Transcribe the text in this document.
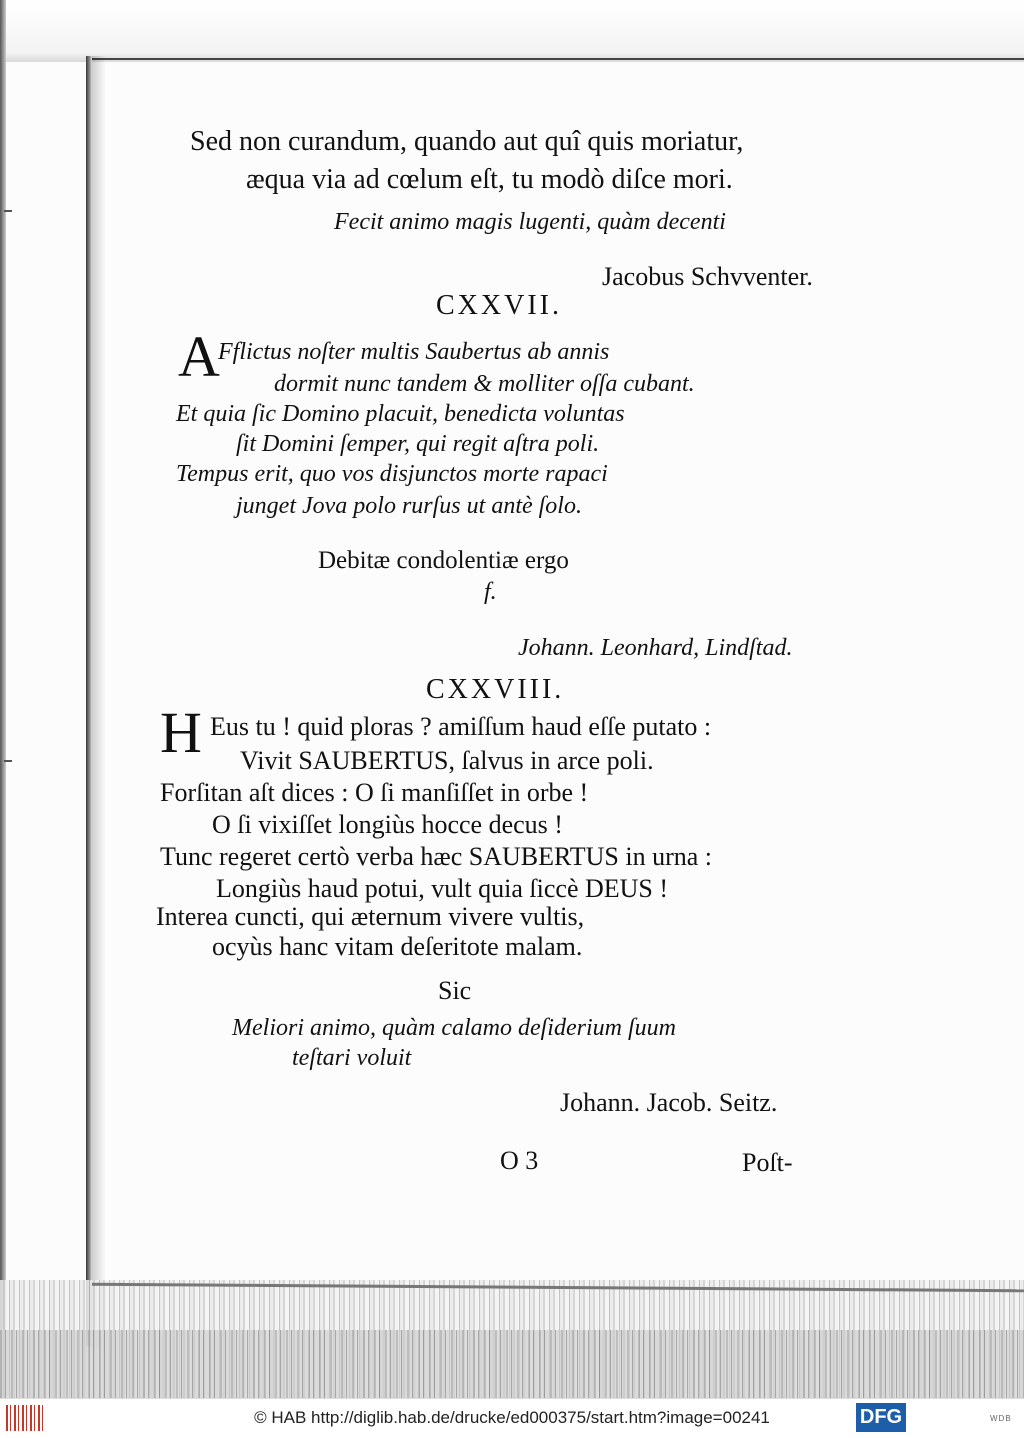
Sed non curandum, quando aut quî quis moriatur,
æqua via ad cœlum eſt, tu modò diſce mori.
Fecit animo magis lugenti, quàm decenti
Jacobus Schvventer.
CXXVII.
A
Fflictus noſter multis Saubertus ab annis
dormit nunc tandem & molliter oſſa cubant.
Et quia ſic Domino placuit, benedicta voluntas
ſit Domini ſemper, qui regit aſtra poli.
Tempus erit, quo vos disjunctos morte rapaci
junget Jova polo rurſus ut antè ſolo.
Debitæ condolentiæ ergo
f.
Johann. Leonhard, Lindſtad.
CXXVIII.
H Eus tu ! quid ploras ? amiſſum haud eſſe putato :
Vivit SAUBERTUS, ſalvus in arce poli.
Forſitan aſt dices : O ſi manſiſſet in orbe !
O ſi vixiſſet longiùs hocce decus !
Tunc regeret certò verba hæc SAUBERTUS in urna :
Longiùs haud potui, vult quia ſiccè DEUS !
Interea cuncti, qui æternum vivere vultis,
ocyùs hanc vitam deſeritote malam.
Sic
Meliori animo, quàm calamo deſiderium ſuum
teſtari voluit
Johann. Jacob. Seitz.
O 3	Poſt-
© HAB http://diglib.hab.de/drucke/ed000375/start.htm?image=00241	DFG	WDB
